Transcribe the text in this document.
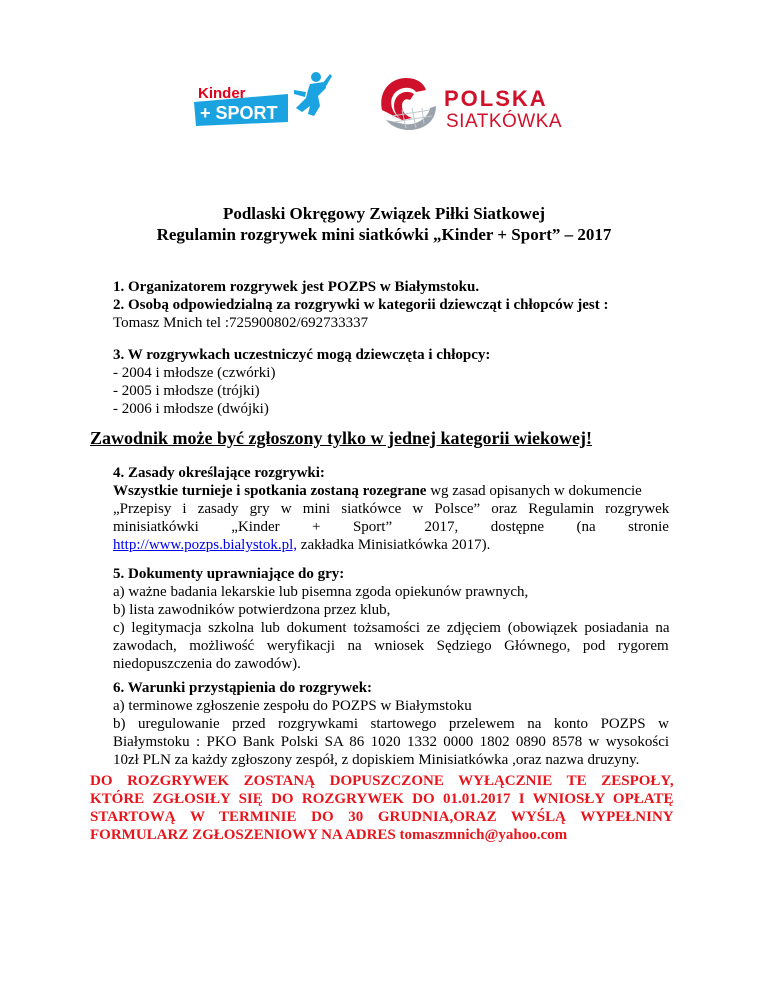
Kinder
+ SPORT
POLSKA
SIATKÓWKA
Podlaski Okręgowy Związek Piłki Siatkowej
Regulamin rozgrywek mini siatkówki „Kinder + Sport” – 2017
1. Organizatorem rozgrywek jest POZPS w Białymstoku.
2. Osobą odpowiedzialną za rozgrywki w kategorii dziewcząt i chłopców jest :
Tomasz Mnich tel :725900802/692733337
3. W rozgrywkach uczestniczyć mogą dziewczęta i chłopcy:
- 2004 i młodsze (czwórki)
- 2005 i młodsze (trójki)
- 2006 i młodsze (dwójki)
Zawodnik może być zgłoszony tylko w jednej kategorii wiekowej!
4. Zasady określające rozgrywki:
Wszystkie turnieje i spotkania zostaną rozegrane wg zasad opisanych w dokumencie
„Przepisy i zasady gry w mini siatkówce w Polsce” oraz Regulamin rozgrywek
minisiatkówki „Kinder + Sport” 2017, dostępne (na stronie
http://www.pozps.bialystok.pl, zakładka Minisiatkówka 2017).
5. Dokumenty uprawniające do gry:
a) ważne badania lekarskie lub pisemna zgoda opiekunów prawnych,
b) lista zawodników potwierdzona przez klub,
c) legitymacja szkolna lub dokument tożsamości ze zdjęciem (obowiązek posiadania na
zawodach, możliwość weryfikacji na wniosek Sędziego Głównego, pod rygorem
niedopuszczenia do zawodów).
6. Warunki przystąpienia do rozgrywek:
a) terminowe zgłoszenie zespołu do POZPS w Białymstoku
b) uregulowanie przed rozgrywkami startowego przelewem na konto POZPS w
Białymstoku : PKO Bank Polski SA 86 1020 1332 0000 1802 0890 8578 w wysokości
10zł PLN za każdy zgłoszony zespół, z dopiskiem Minisiatkówka ,oraz nazwa druzyny.
DO ROZGRYWEK ZOSTANĄ DOPUSZCZONE WYŁĄCZNIE TE ZESPOŁY,
KTÓRE ZGŁOSIŁY SIĘ DO ROZGRYWEK DO 01.01.2017 I WNIOSŁY OPŁATĘ
STARTOWĄ W TERMINIE DO 30 GRUDNIA,ORAZ WYŚLĄ WYPEŁNINY
FORMULARZ ZGŁOSZENIOWY NA ADRES tomaszmnich@yahoo.com
